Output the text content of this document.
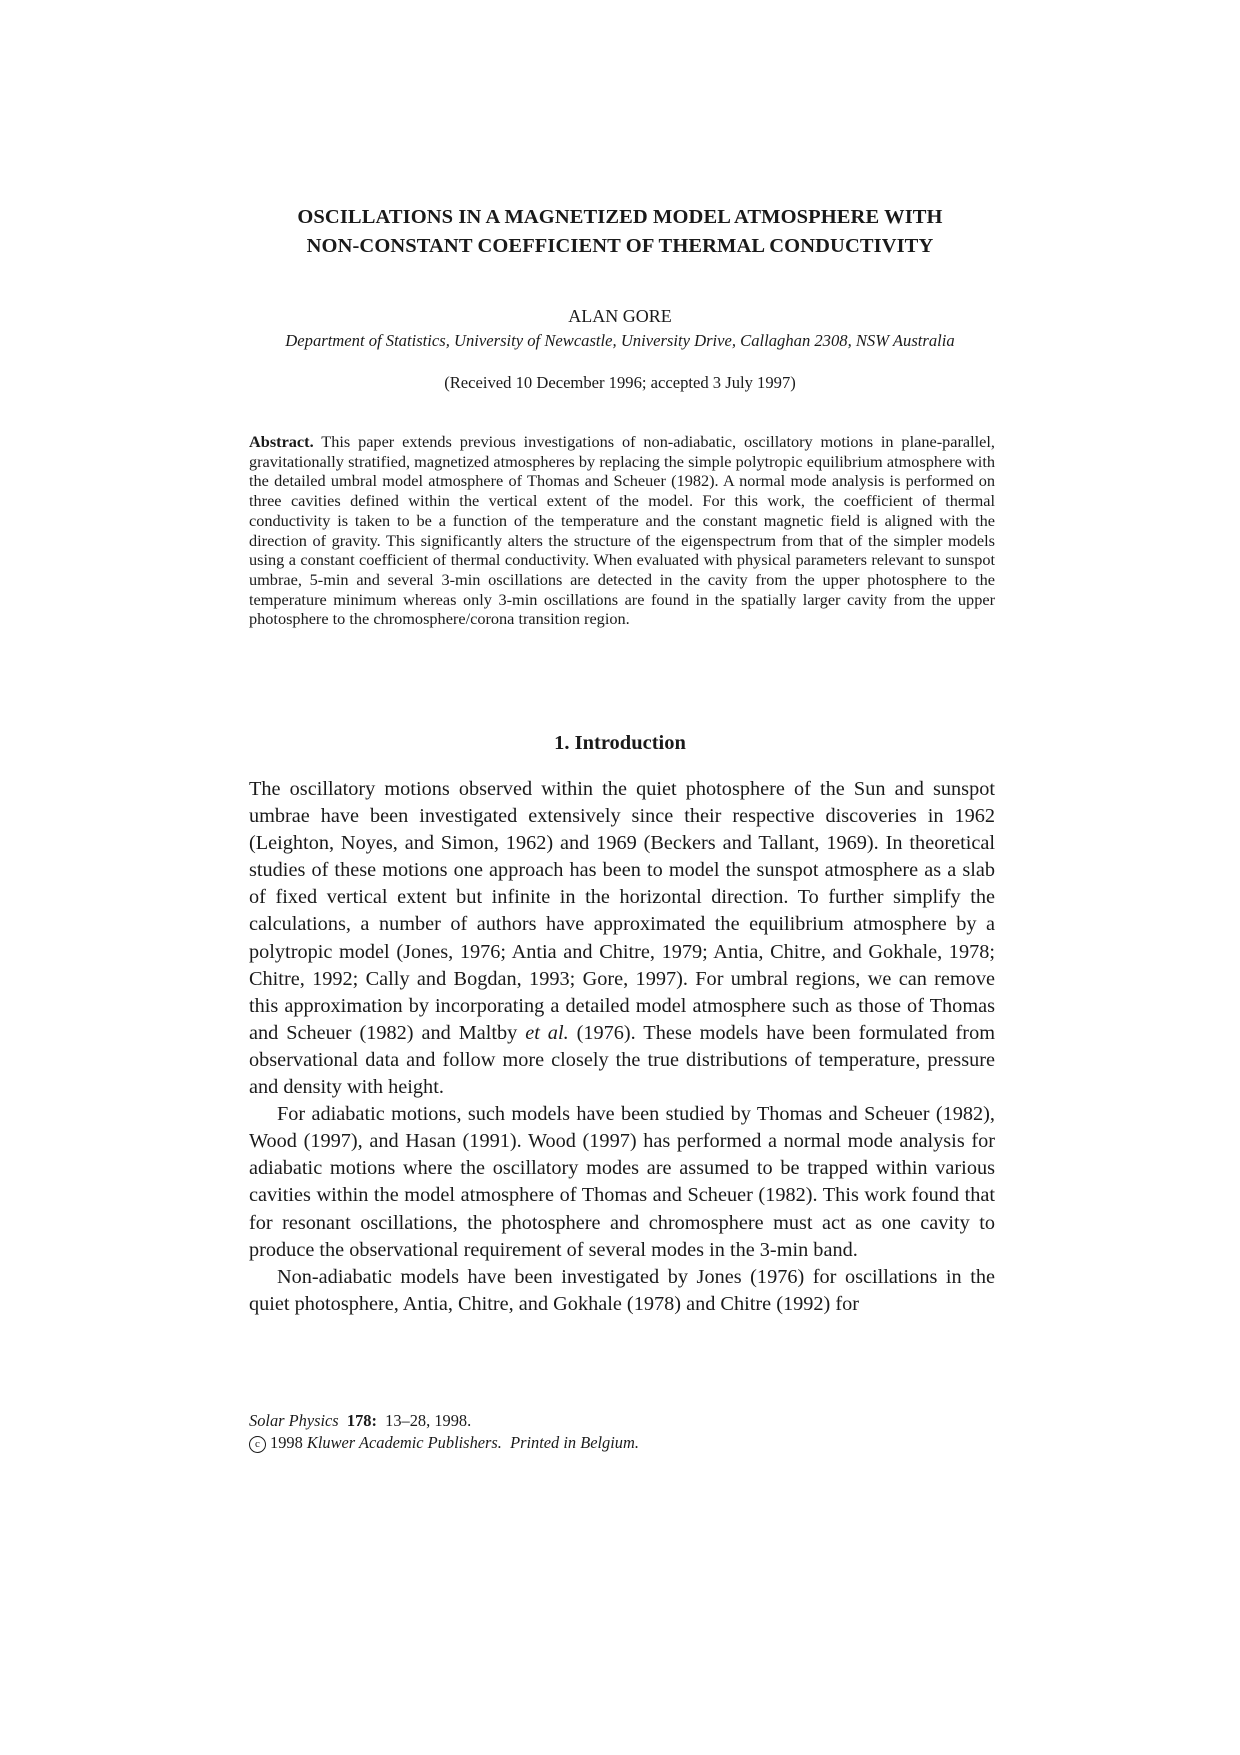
OSCILLATIONS IN A MAGNETIZED MODEL ATMOSPHERE WITH
NON-CONSTANT COEFFICIENT OF THERMAL CONDUCTIVITY
ALAN GORE
Department of Statistics, University of Newcastle, University Drive, Callaghan 2308, NSW Australia
(Received 10 December 1996; accepted 3 July 1997)
Abstract. This paper extends previous investigations of non-adiabatic, oscillatory motions in plane-parallel, gravitationally stratified, magnetized atmospheres by replacing the simple polytropic equilibrium atmosphere with the detailed umbral model atmosphere of Thomas and Scheuer (1982). A normal mode analysis is performed on three cavities defined within the vertical extent of the model. For this work, the coefficient of thermal conductivity is taken to be a function of the temperature and the constant magnetic field is aligned with the direction of gravity. This significantly alters the structure of the eigenspectrum from that of the simpler models using a constant coefficient of thermal conductivity. When evaluated with physical parameters relevant to sunspot umbrae, 5-min and several 3-min oscillations are detected in the cavity from the upper photosphere to the temperature minimum whereas only 3-min oscillations are found in the spatially larger cavity from the upper photosphere to the chromosphere/corona transition region.
1. Introduction

The oscillatory motions observed within the quiet photosphere of the Sun and sunspot umbrae have been investigated extensively since their respective discoveries in 1962 (Leighton, Noyes, and Simon, 1962) and 1969 (Beckers and Tallant, 1969). In theoretical studies of these motions one approach has been to model the sunspot atmosphere as a slab of fixed vertical extent but infinite in the horizontal direction. To further simplify the calculations, a number of authors have approximated the equilibrium atmosphere by a polytropic model (Jones, 1976; Antia and Chitre, 1979; Antia, Chitre, and Gokhale, 1978; Chitre, 1992; Cally and Bogdan, 1993; Gore, 1997). For umbral regions, we can remove this approximation by incorporating a detailed model atmosphere such as those of Thomas and Scheuer (1982) and Maltby et al. (1976). These models have been formulated from observational data and follow more closely the true distributions of temperature, pressure and density with height.

For adiabatic motions, such models have been studied by Thomas and Scheuer (1982), Wood (1997), and Hasan (1991). Wood (1997) has performed a normal mode analysis for adiabatic motions where the oscillatory modes are assumed to be trapped within various cavities within the model atmosphere of Thomas and Scheuer (1982). This work found that for resonant oscillations, the photosphere and chromosphere must act as one cavity to produce the observational requirement of several modes in the 3-min band.

Non-adiabatic models have been investigated by Jones (1976) for oscillations in the quiet photosphere, Antia, Chitre, and Gokhale (1978) and Chitre (1992) for

Solar Physics 178: 13–28, 1998.
c 1998 Kluwer Academic Publishers. Printed in Belgium.
